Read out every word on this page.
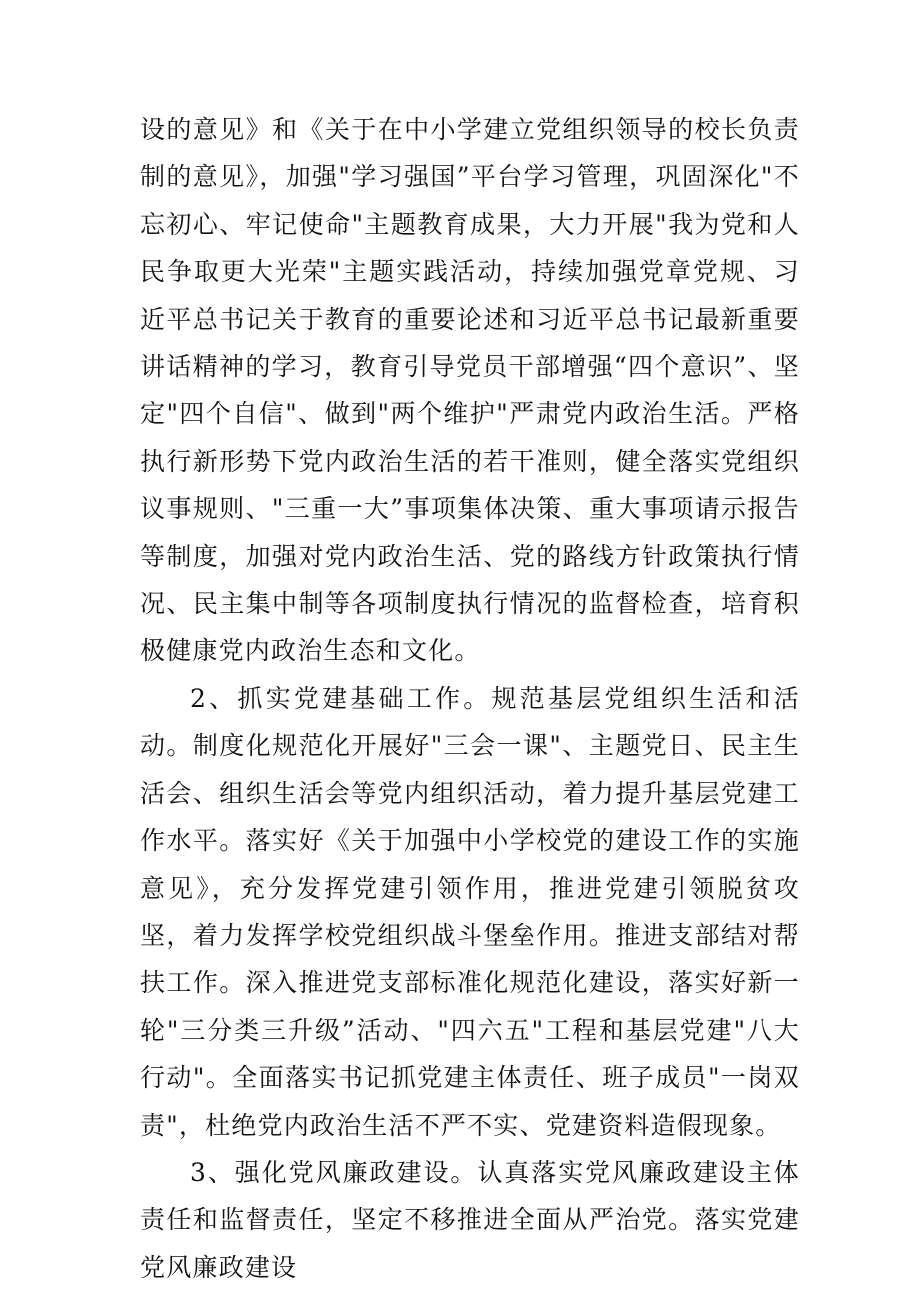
设的意见》和《关于在中小学建立党组织领导的校长负责制的意见》，加强"学习强国”平台学习管理，巩固深化"不忘初心、牢记使命"主题教育成果，大力开展"我为党和人民争取更大光荣"主题实践活动，持续加强党章党规、习近平总书记关于教育的重要论述和习近平总书记最新重要讲话精神的学习，教育引导党员干部增强“四个意识”、坚定"四个自信"、做到"两个维护"严肃党内政治生活。严格执行新形势下党内政治生活的若干准则，健全落实党组织议事规则、"三重一大”事项集体决策、重大事项请示报告等制度，加强对党内政治生活、党的路线方针政策执行情况、民主集中制等各项制度执行情况的监督检查，培育积极健康党内政治生态和文化。

2、抓实党建基础工作。规范基层党组织生活和活动。制度化规范化开展好"三会一课"、主题党日、民主生活会、组织生活会等党内组织活动，着力提升基层党建工作水平。落实好《关于加强中小学校党的建设工作的实施意见》，充分发挥党建引领作用，推进党建引领脱贫攻坚，着力发挥学校党组织战斗堡垒作用。推进支部结对帮扶工作。深入推进党支部标准化规范化建设，落实好新一轮"三分类三升级”活动、"四六五"工程和基层党建"八大行动"。全面落实书记抓党建主体责任、班子成员"一岗双责"，杜绝党内政治生活不严不实、党建资料造假现象。

3、强化党风廉政建设。认真落实党风廉政建设主体责任和监督责任，坚定不移推进全面从严治党。落实党建党风廉政建设
